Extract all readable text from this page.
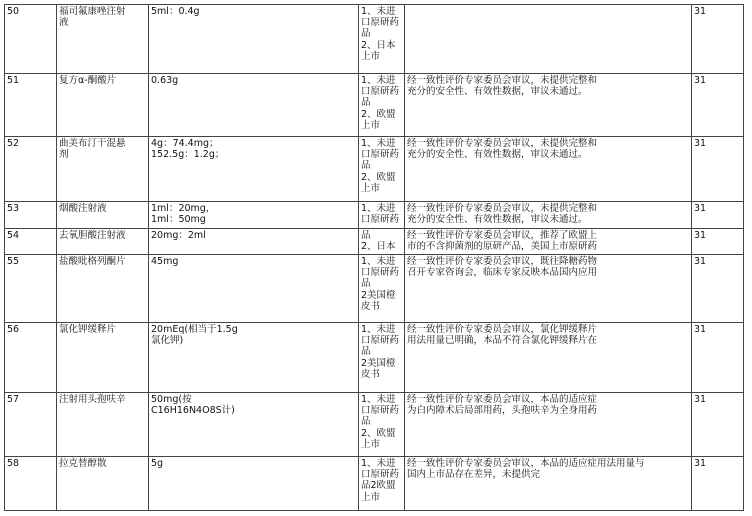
50	福司氟康唑注射
液	5ml：0.4g	1、未进
口原研药
品
2、日本
上市		31
51	复方α-酮酸片	0.63g	1、未进
口原研药
品
2、欧盟
上市	经一致性评价专家委员会审议，未提供完整和
充分的安全性、有效性数据，审议未通过。	31
52	曲美布汀干混悬
剂	4g：74.4mg；
152.5g：1.2g；	1、未进
口原研药
品
2、欧盟
上市	经一致性评价专家委员会审议，未提供完整和
充分的安全性、有效性数据，审议未通过。	31
53	烟酸注射液	1ml：20mg，
1ml：50mg	1、未进
口原研药	经一致性评价专家委员会审议，未提供完整和
充分的安全性、有效性数据，审议未通过。	31
54	去氧胆酸注射液	20mg：2ml	品
2、日本	经一致性评价专家委员会审议，推荐了欧盟上
市的不含抑菌剂的原研产品，美国上市原研药	31
55	盐酸吡格列酮片	45mg	1、未进
口原研药
品
2美国橙
皮书	经一致性评价专家委员会审议，既往降糖药物
召开专家咨询会，临床专家反映本品国内应用	31
56	氯化钾缓释片	20mEq(相当于1.5g
氯化钾)	1、未进
口原研药
品
2美国橙
皮书	经一致性评价专家委员会审议，氯化钾缓释片
用法用量已明确，本品不符合氯化钾缓释片在	31
57	注射用头孢呋辛	50mg(按
C16H16N4O8S计)	1、未进
口原研药
品
2、欧盟
上市	经一致性评价专家委员会审议，本品的适应症
为白内障术后局部用药，头孢呋辛为全身用药	31
58	拉克替醇散	5g	1、未进
口原研药
品2欧盟
上市	经一致性评价专家委员会审议，本品的适应症用法用量与
国内上市品存在差异，未提供完	31
